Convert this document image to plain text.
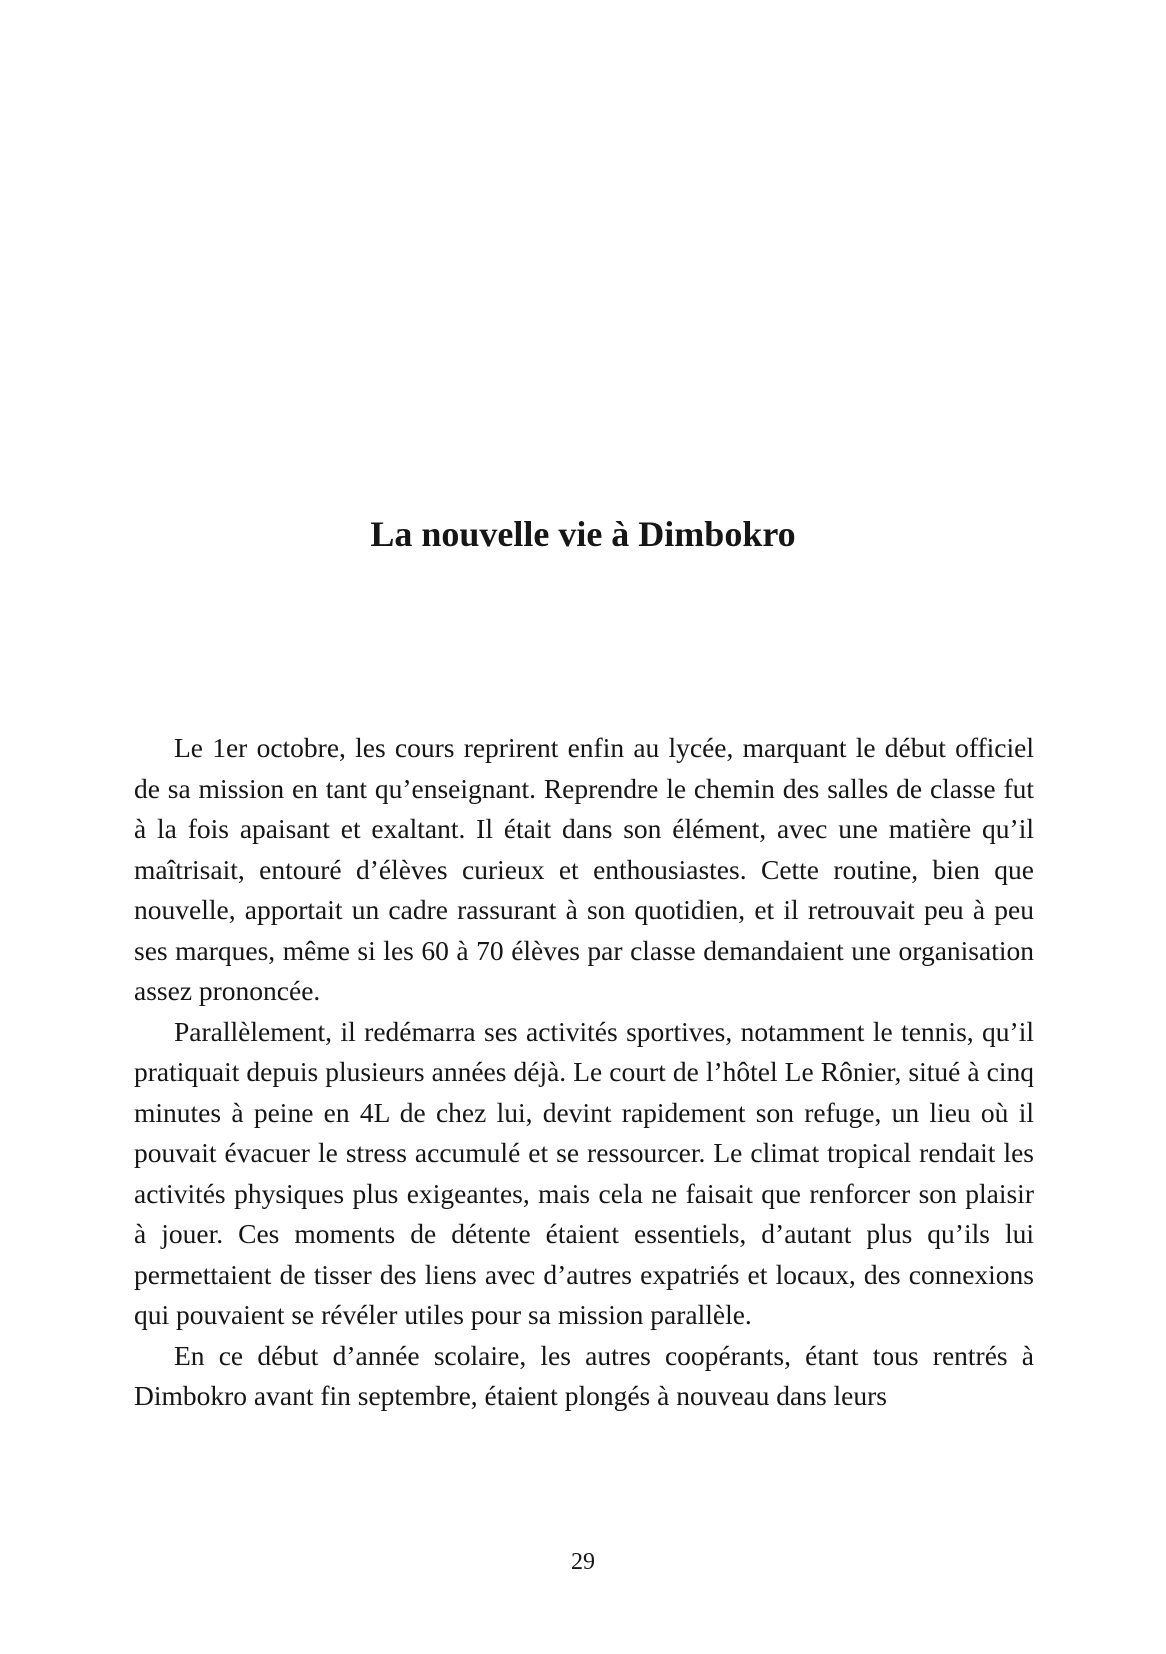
La nouvelle vie à Dimbokro

Le 1er octobre, les cours reprirent enfin au lycée, marquant le début officiel de sa mission en tant qu’enseignant. Reprendre le chemin des salles de classe fut à la fois apaisant et exaltant. Il était dans son élément, avec une matière qu’il maîtrisait, entouré d’élèves curieux et enthousiastes. Cette routine, bien que nouvelle, apportait un cadre rassurant à son quotidien, et il retrouvait peu à peu ses marques, même si les 60 à 70 élèves par classe demandaient une organisation assez prononcée.

Parallèlement, il redémarra ses activités sportives, notamment le tennis, qu’il pratiquait depuis plusieurs années déjà. Le court de l’hôtel Le Rônier, situé à cinq minutes à peine en 4L de chez lui, devint rapidement son refuge, un lieu où il pouvait évacuer le stress accumulé et se ressourcer. Le climat tropical rendait les activités physiques plus exigeantes, mais cela ne faisait que renforcer son plaisir à jouer. Ces moments de détente étaient essentiels, d’autant plus qu’ils lui permettaient de tisser des liens avec d’autres expatriés et locaux, des connexions qui pouvaient se révéler utiles pour sa mission parallèle.

En ce début d’année scolaire, les autres coopérants, étant tous rentrés à Dimbokro avant fin septembre, étaient plongés à nouveau dans leurs

29
